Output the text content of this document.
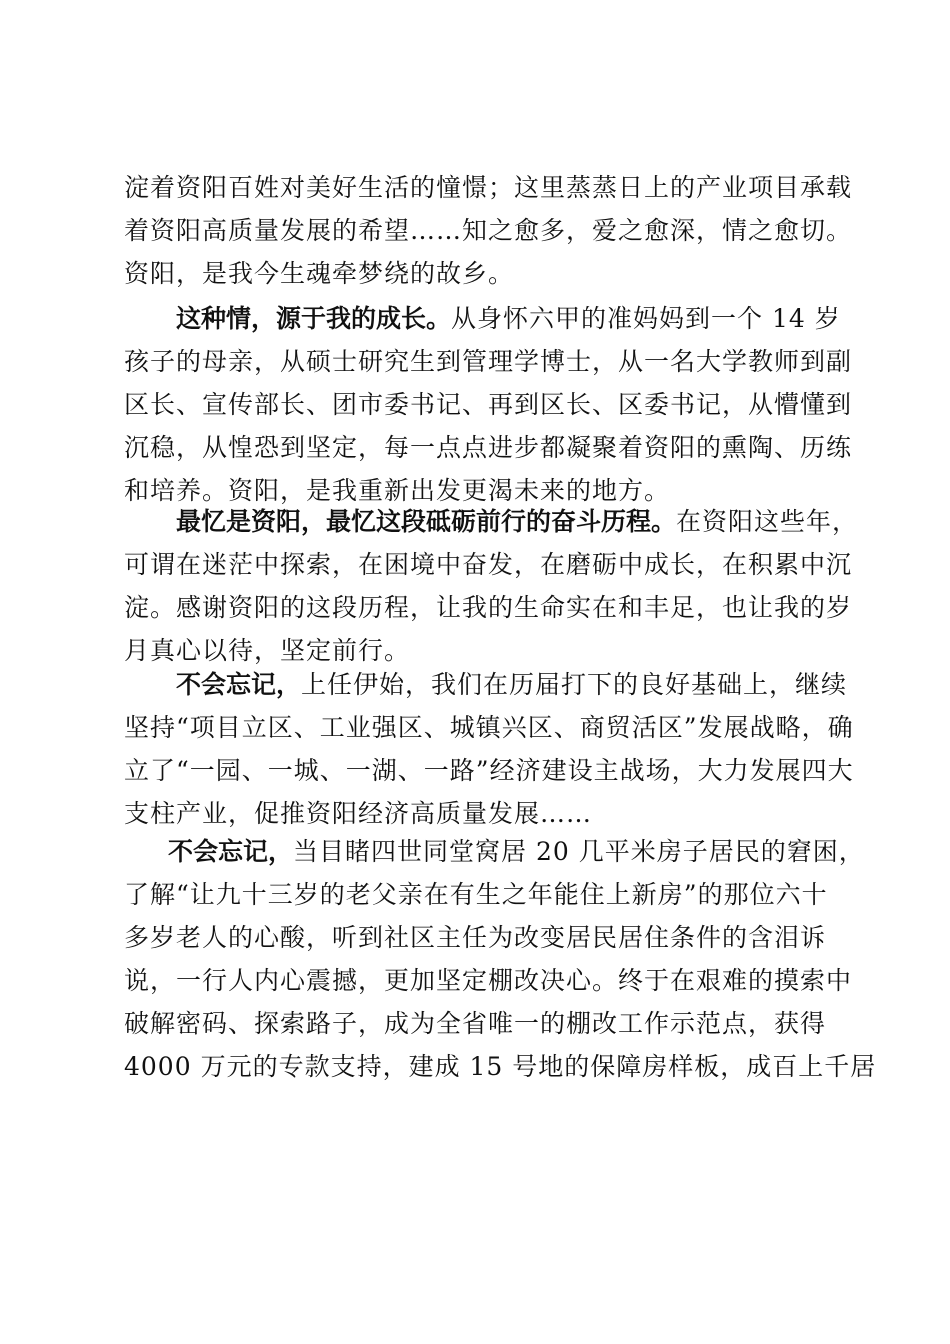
淀着资阳百姓对美好生活的憧憬；这里蒸蒸日上的产业项目承载
着资阳高质量发展的希望……知之愈多，爱之愈深，情之愈切。
资阳，是我今生魂牵梦绕的故乡。
这种情，源于我的成长。从身怀六甲的准妈妈到一个 14 岁
孩子的母亲，从硕士研究生到管理学博士，从一名大学教师到副
区长、宣传部长、团市委书记、再到区长、区委书记，从懵懂到
沉稳，从惶恐到坚定，每一点点进步都凝聚着资阳的熏陶、历练
和培养。资阳，是我重新出发更渴未来的地方。
最忆是资阳，最忆这段砥砺前行的奋斗历程。在资阳这些年，
可谓在迷茫中探索，在困境中奋发，在磨砺中成长，在积累中沉
淀。感谢资阳的这段历程，让我的生命实在和丰足，也让我的岁
月真心以待，坚定前行。
不会忘记，上任伊始，我们在历届打下的良好基础上，继续
坚持“项目立区、工业强区、城镇兴区、商贸活区”发展战略，确
立了“一园、一城、一湖、一路”经济建设主战场，大力发展四大
支柱产业，促推资阳经济高质量发展……
不会忘记，当目睹四世同堂窝居 20 几平米房子居民的窘困，
了解“让九十三岁的老父亲在有生之年能住上新房”的那位六十
多岁老人的心酸，听到社区主任为改变居民居住条件的含泪诉
说，一行人内心震撼，更加坚定棚改决心。终于在艰难的摸索中
破解密码、探索路子，成为全省唯一的棚改工作示范点，获得
4000 万元的专款支持，建成 15 号地的保障房样板，成百上千居
